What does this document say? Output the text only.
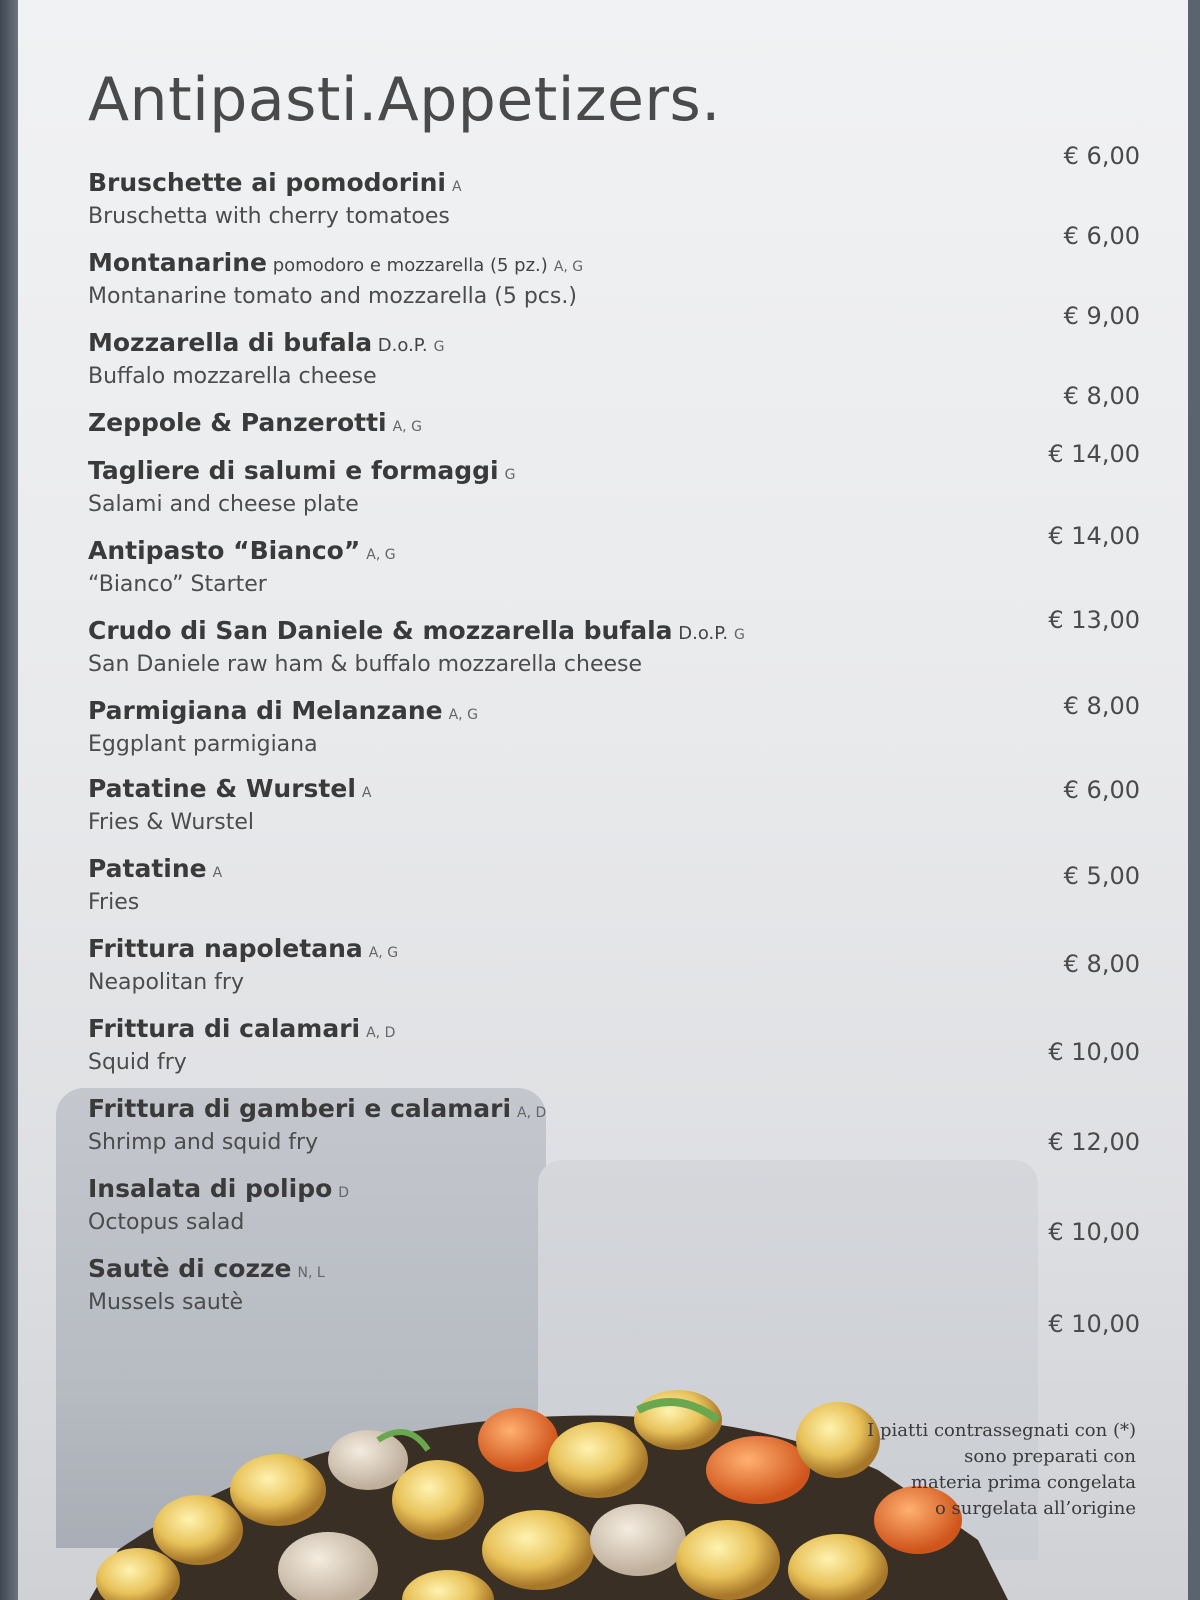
Antipasti.Appetizers.
Bruschette ai pomodorini A
Bruschetta with cherry tomatoes
€ 6,00
Montanarine pomodoro e mozzarella (5 pz.) A, G
Montanarine tomato and mozzarella (5 pcs.)
€ 6,00
Mozzarella di bufala D.o.P. G
Buffalo mozzarella cheese
€ 9,00
Zeppole & Panzerotti A, G
€ 8,00
Tagliere di salumi e formaggi G
Salami and cheese plate
€ 14,00
Antipasto “Bianco” A, G
“Bianco” Starter
€ 14,00
Crudo di San Daniele & mozzarella bufala D.o.P. G
San Daniele raw ham & buffalo mozzarella cheese
€ 13,00
Parmigiana di Melanzane A, G
Eggplant parmigiana
€ 8,00
Patatine & Wurstel A
Fries & Wurstel
€ 6,00
Patatine A
Fries
€ 5,00
Frittura napoletana A, G
Neapolitan fry
€ 8,00
Frittura di calamari A, D
Squid fry	€ 10,00
Frittura di gamberi e calamari A, D
Shrimp and squid fry	€ 12,00
Insalata di polipo D
Octopus salad	€ 10,00
Sautè di cozze N, L
Mussels sautè
€ 10,00
I piatti contrassegnati con (*)
sono preparati con
materia prima congelata
o surgelata all’origine
